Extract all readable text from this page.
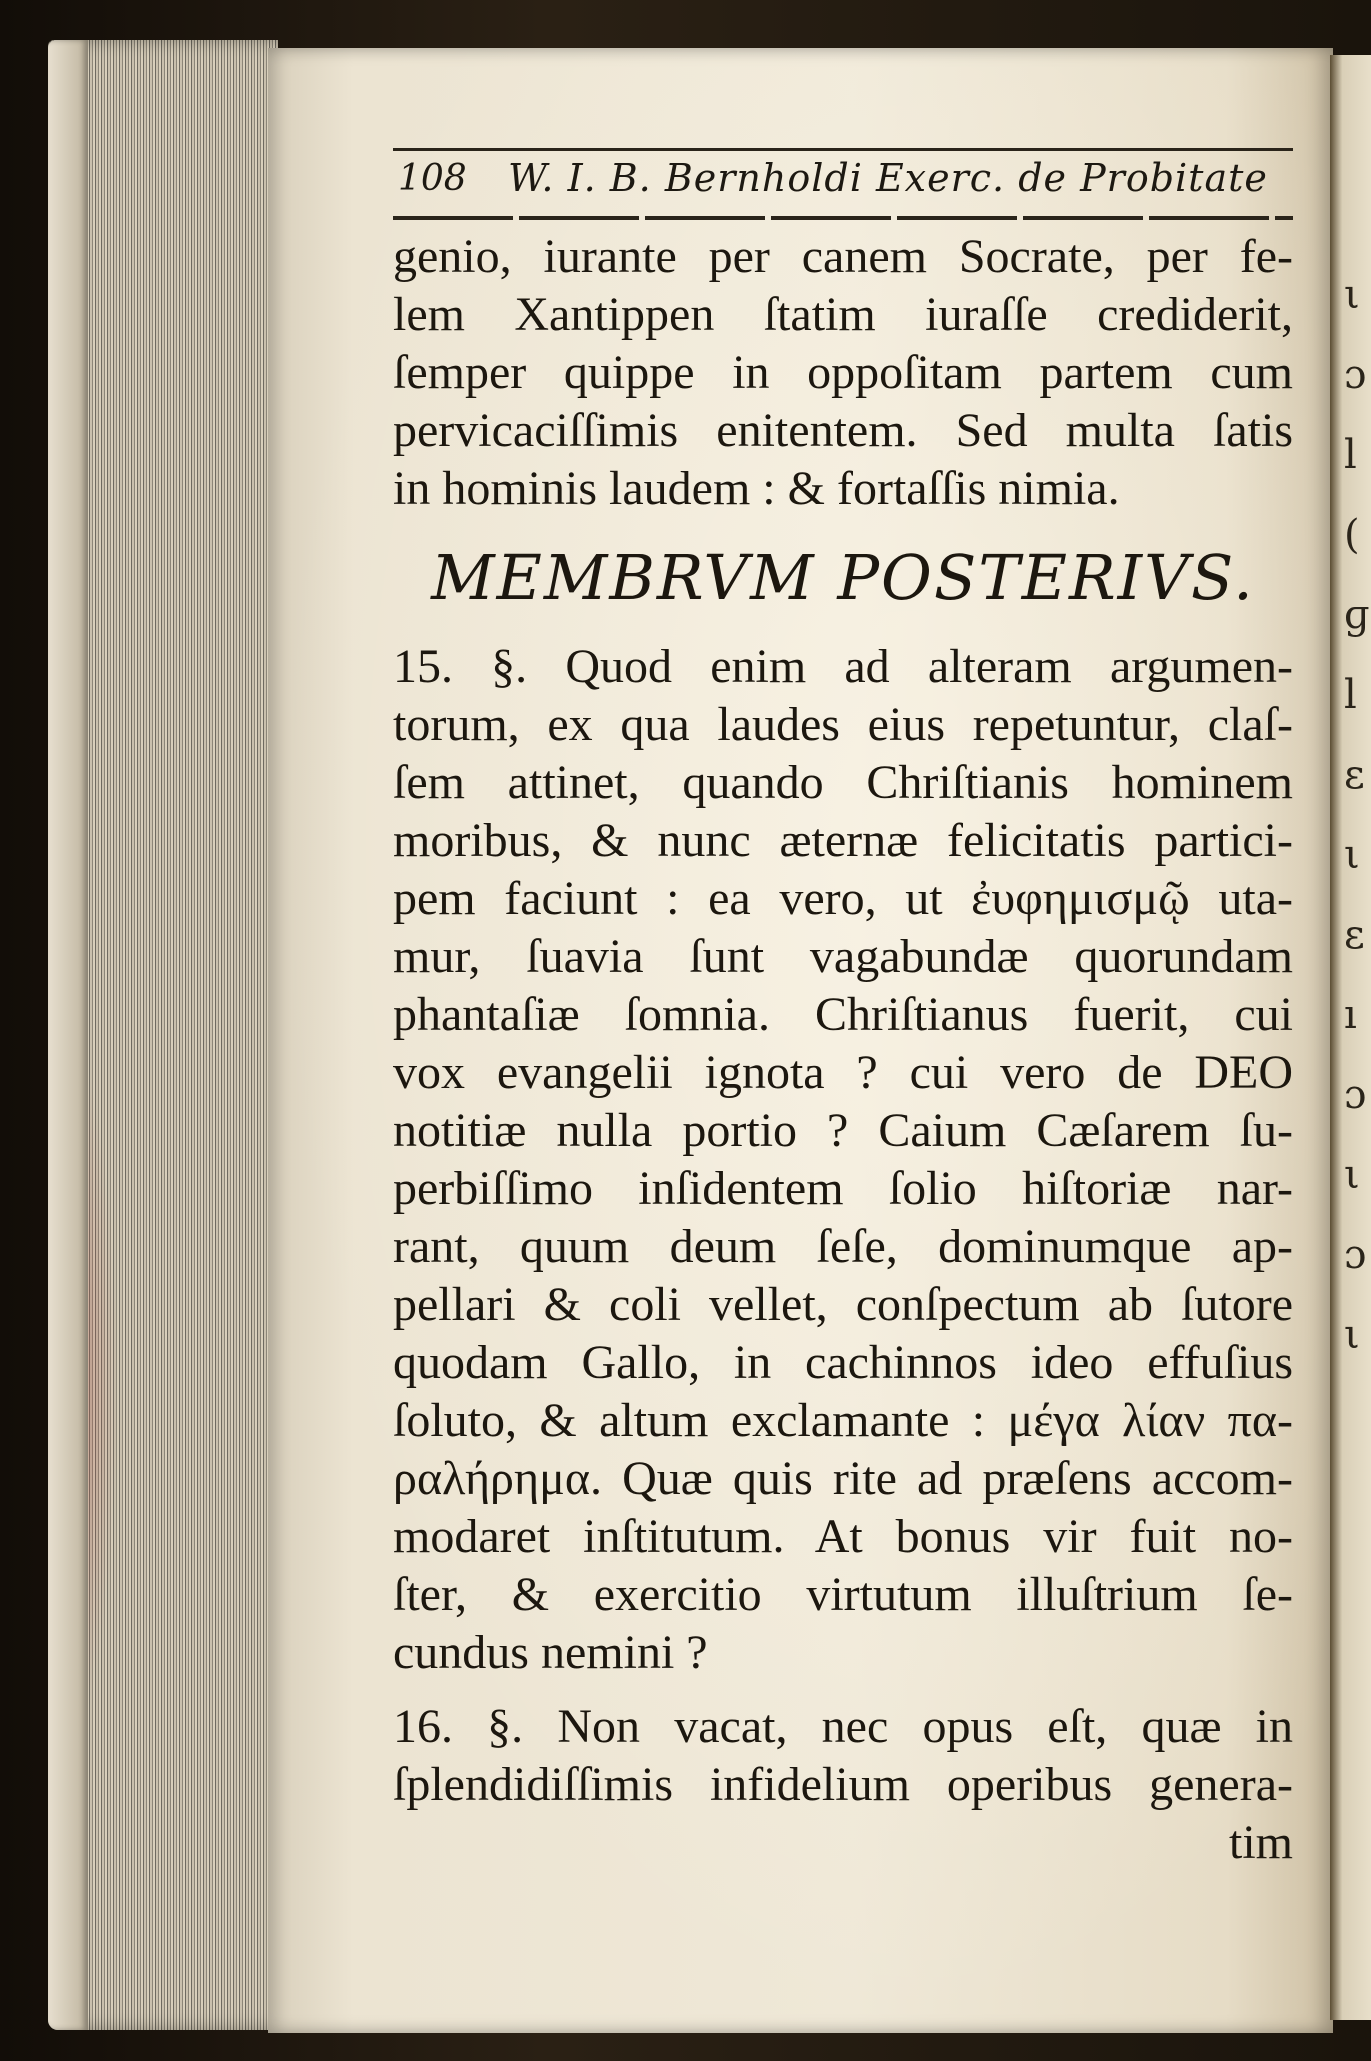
108 W. I. B. Bernholdi Exerc. de Probitate
genio, iurante per canem Socrate, per fe-
lem Xantippen ſtatim iuraſſe crediderit,
ſemper quippe in oppoſitam partem cum
pervicaciſſimis enitentem. Sed multa ſatis
in hominis laudem : & fortaſſis nimia.
MEMBRVM POSTERIVS.
15. §. Quod enim ad alteram argumen-
torum, ex qua laudes eius repetuntur, claſ-
ſem attinet, quando Chriſtianis hominem
moribus, & nunc æternæ felicitatis partici-
pem faciunt : ea vero, ut ἐυφημισμῷ uta-
mur, ſuavia ſunt vagabundæ quorundam
phantaſiæ ſomnia. Chriſtianus fuerit, cui
vox evangelii ignota ? cui vero de DEO
notitiæ nulla portio ? Caium Cæſarem ſu-
perbiſſimo inſidentem ſolio hiſtoriæ nar-
rant, quum deum ſeſe, dominumque ap-
pellari & coli vellet, conſpectum ab ſutore
quodam Gallo, in cachinnos ideo effuſius
ſoluto, & altum exclamante : μέγα λίαν πα-
ραλήρημα. Quæ quis rite ad præſens accom-
modaret inſtitutum. At bonus vir fuit no-
ſter, & exercitio virtutum illuſtrium ſe-
cundus nemini ?
16. §. Non vacat, nec opus eſt, quæ in
ſplendidiſſimis infidelium operibus genera-
tim
ι
ɔ
l
(
ɡ
l
ε
ι
ε
ı
ɔ
ι
ɔ
ι
